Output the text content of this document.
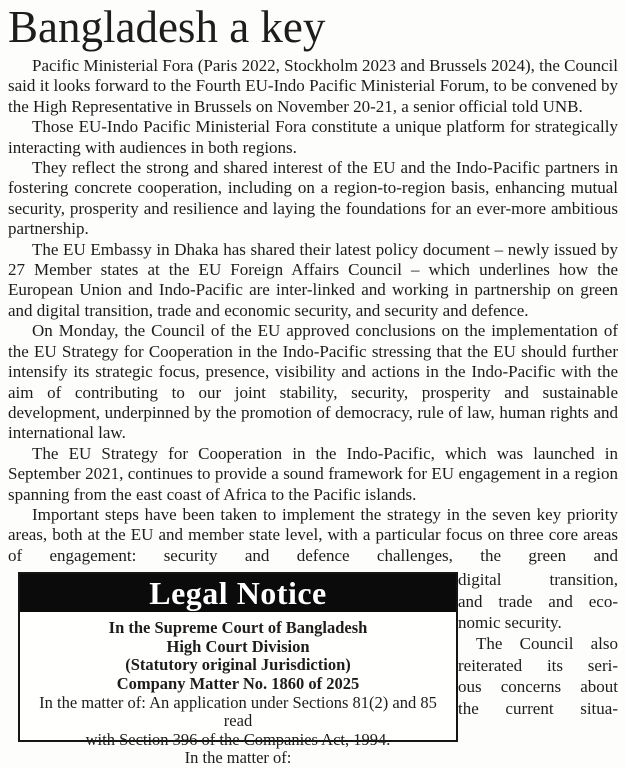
Bangladesh a key

Pacific Ministerial Fora (Paris 2022, Stockholm 2023 and Brussels 2024), the Council said it looks forward to the Fourth EU-Indo Pacific Ministerial Forum, to be convened by the High Representative in Brussels on November 20-21, a senior official told UNB.

Those EU-Indo Pacific Ministerial Fora constitute a unique platform for strategically interacting with audiences in both regions.

They reflect the strong and shared interest of the EU and the Indo-Pacific partners in fostering concrete cooperation, including on a region-to-region basis, enhancing mutual security, prosperity and resilience and laying the foundations for an ever-more ambitious partnership.

The EU Embassy in Dhaka has shared their latest policy document – newly issued by 27 Member states at the EU Foreign Affairs Council – which underlines how the European Union and Indo-Pacific are inter-linked and working in partnership on green and digital transition, trade and economic security, and security and defence.

On Monday, the Council of the EU approved conclusions on the implementation of the EU Strategy for Cooperation in the Indo-Pacific stressing that the EU should further intensify its strategic focus, presence, visibility and actions in the Indo-Pacific with the aim of contributing to our joint stability, security, prosperity and sustainable development, underpinned by the promotion of democracy, rule of law, human rights and international law.

The EU Strategy for Cooperation in the Indo-Pacific, which was launched in September 2021, continues to provide a sound framework for EU engagement in a region spanning from the east coast of Africa to the Pacific islands.

Important steps have been taken to implement the strategy in the seven key priority areas, both at the EU and member state level, with a particular focus on three core areas of engagement: security and defence challenges, the green and

Legal Notice
In the Supreme Court of Bangladesh
High Court Division
(Statutory original Jurisdiction)
Company Matter No. 1860 of 2025
In the matter of: An application under Sections 81(2) and 85 read
with Section 396 of the Companies Act, 1994.
In the matter of:
digital transition,
and trade and eco-
nomic security.
The Council also
reiterated its seri-
ous concerns about
the current situa-
